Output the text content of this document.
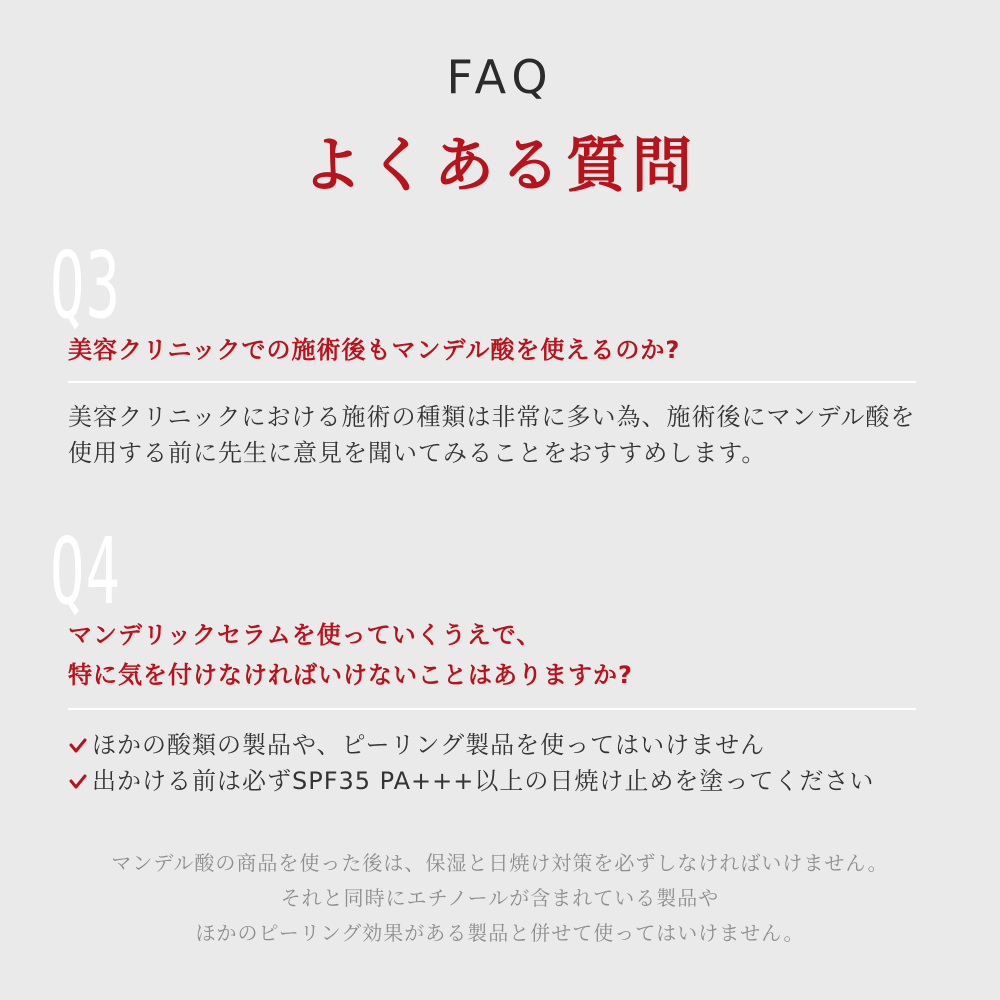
FAQ
よくある質問
Q3
美容クリニックでの施術後もマンデル酸を使えるのか?
美容クリニックにおける施術の種類は非常に多い為、施術後にマンデル酸を
使用する前に先生に意見を聞いてみることをおすすめします。
Q4
マンデリックセラムを使っていくうえで、
特に気を付けなければいけないことはありますか?
ほかの酸類の製品や、ピーリング製品を使ってはいけません
出かける前は必ずSPF35 PA+++以上の日焼け止めを塗ってください
マンデル酸の商品を使った後は、保湿と日焼け対策を必ずしなければいけません。
それと同時にエチノールが含まれている製品や
ほかのピーリング効果がある製品と併せて使ってはいけません。
